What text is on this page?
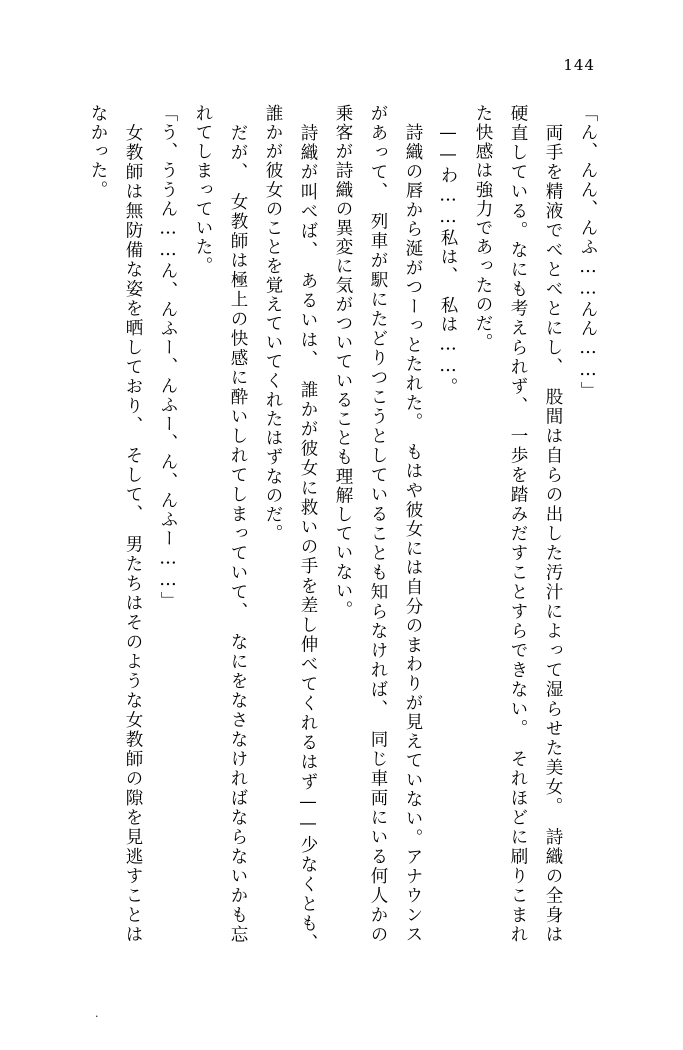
144

「ん、んん、んふ……んん……」

　両手を精液でべとべとにし、　股間は自らの出した汚汁によって湿らせた美女。　詩織の全身は硬直している。なにも考えられず、　一歩を踏みだすことすらできない。　それほどに刷りこまれた快感は強力であったのだ。

　——わ……私は、　私は……。

　詩織の唇から涎がつーっとたれた。　もはや彼女には自分のまわりが見えていない。アナウンスがあって、　列車が駅にたどりつこうとしていることも知らなければ、　同じ車両にいる何人かの乗客が詩織の異変に気がついていることも理解していない。

　詩織が叫べば、　あるいは、　誰かが彼女に救いの手を差し伸べてくれるはず——少なくとも、　誰かが彼女のことを覚えていてくれたはずなのだ。

　だが、　女教師は極上の快感に酔いしれてしまっていて、　なにをなさなければならないかも忘れてしまっていた。

「う、ううん……ん、んふー、んふー、ん、んふー……」

　女教師は無防備な姿を晒しており、　そして、　男たちはそのような女教師の隙を見逃すことはなかった。

.
